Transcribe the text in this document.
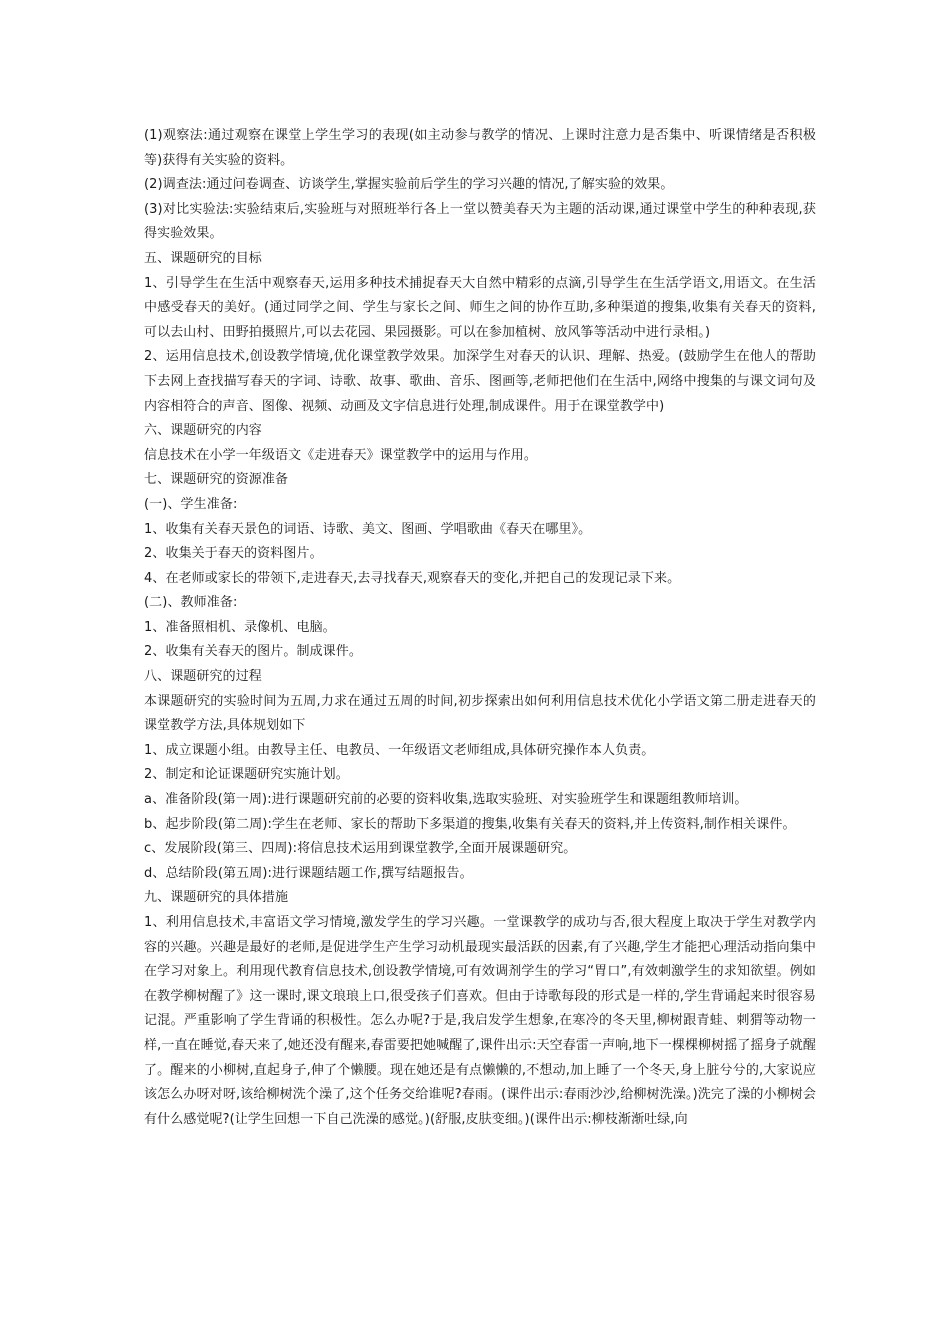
(1)观察法:通过观察在课堂上学生学习的表现(如主动参与教学的情况、上课时注意力是否集中、听课情绪是否积极等)获得有关实验的资料。

(2)调查法:通过问卷调查、访谈学生,掌握实验前后学生的学习兴趣的情况,了解实验的效果。

(3)对比实验法:实验结束后,实验班与对照班举行各上一堂以赞美春天为主题的活动课,通过课堂中学生的种种表现,获得实验效果。

五、课题研究的目标

1、引导学生在生活中观察春天,运用多种技术捕捉春天大自然中精彩的点滴,引导学生在生活学语文,用语文。在生活中感受春天的美好。(通过同学之间、学生与家长之间、师生之间的协作互助,多种渠道的搜集,收集有关春天的资料,可以去山村、田野拍摄照片,可以去花园、果园摄影。可以在参加植树、放风筝等活动中进行录相。)

2、运用信息技术,创设教学情境,优化课堂教学效果。加深学生对春天的认识、理解、热爱。(鼓励学生在他人的帮助下去网上查找描写春天的字词、诗歌、故事、歌曲、音乐、图画等,老师把他们在生活中,网络中搜集的与课文词句及内容相符合的声音、图像、视频、动画及文字信息进行处理,制成课件。用于在课堂教学中)

六、课题研究的内容

信息技术在小学一年级语文《走进春天》课堂教学中的运用与作用。

七、课题研究的资源准备

(一)、学生准备:

1、收集有关春天景色的词语、诗歌、美文、图画、学唱歌曲《春天在哪里》。

2、收集关于春天的资料图片。

4、在老师或家长的带领下,走进春天,去寻找春天,观察春天的变化,并把自己的发现记录下来。

(二)、教师准备:

1、准备照相机、录像机、电脑。

2、收集有关春天的图片。制成课件。

八、课题研究的过程

本课题研究的实验时间为五周,力求在通过五周的时间,初步探索出如何利用信息技术优化小学语文第二册走进春天的课堂教学方法,具体规划如下

1、成立课题小组。由教导主任、电教员、一年级语文老师组成,具体研究操作本人负责。

2、制定和论证课题研究实施计划。

a、准备阶段(第一周):进行课题研究前的必要的资料收集,选取实验班、对实验班学生和课题组教师培训。

b、起步阶段(第二周):学生在老师、家长的帮助下多渠道的搜集,收集有关春天的资料,并上传资料,制作相关课件。

c、发展阶段(第三、四周):将信息技术运用到课堂教学,全面开展课题研究。

d、总结阶段(第五周):进行课题结题工作,撰写结题报告。

九、课题研究的具体措施

1、利用信息技术,丰富语文学习情境,激发学生的学习兴趣。一堂课教学的成功与否,很大程度上取决于学生对教学内容的兴趣。兴趣是最好的老师,是促进学生产生学习动机最现实最活跃的因素,有了兴趣,学生才能把心理活动指向集中在学习对象上。利用现代教育信息技术,创设教学情境,可有效调剂学生的学习“胃口”,有效刺激学生的求知欲望。例如在教学柳树醒了》这一课时,课文琅琅上口,很受孩子们喜欢。但由于诗歌每段的形式是一样的,学生背诵起来时很容易记混。严重影响了学生背诵的积极性。怎么办呢?于是,我启发学生想象,在寒冷的冬天里,柳树跟青蛙、刺猬等动物一样,一直在睡觉,春天来了,她还没有醒来,春雷要把她喊醒了,课件出示:天空春雷一声响,地下一棵棵柳树摇了摇身子就醒了。醒来的小柳树,直起身子,伸了个懒腰。现在她还是有点懒懒的,不想动,加上睡了一个冬天,身上脏兮兮的,大家说应该怎么办呀对呀,该给柳树洗个澡了,这个任务交给谁呢?春雨。(课件出示:春雨沙沙,给柳树洗澡。)洗完了澡的小柳树会有什么感觉呢?(让学生回想一下自己洗澡的感觉。)(舒服,皮肤变细。)(课件出示:柳枝渐渐吐绿,向
